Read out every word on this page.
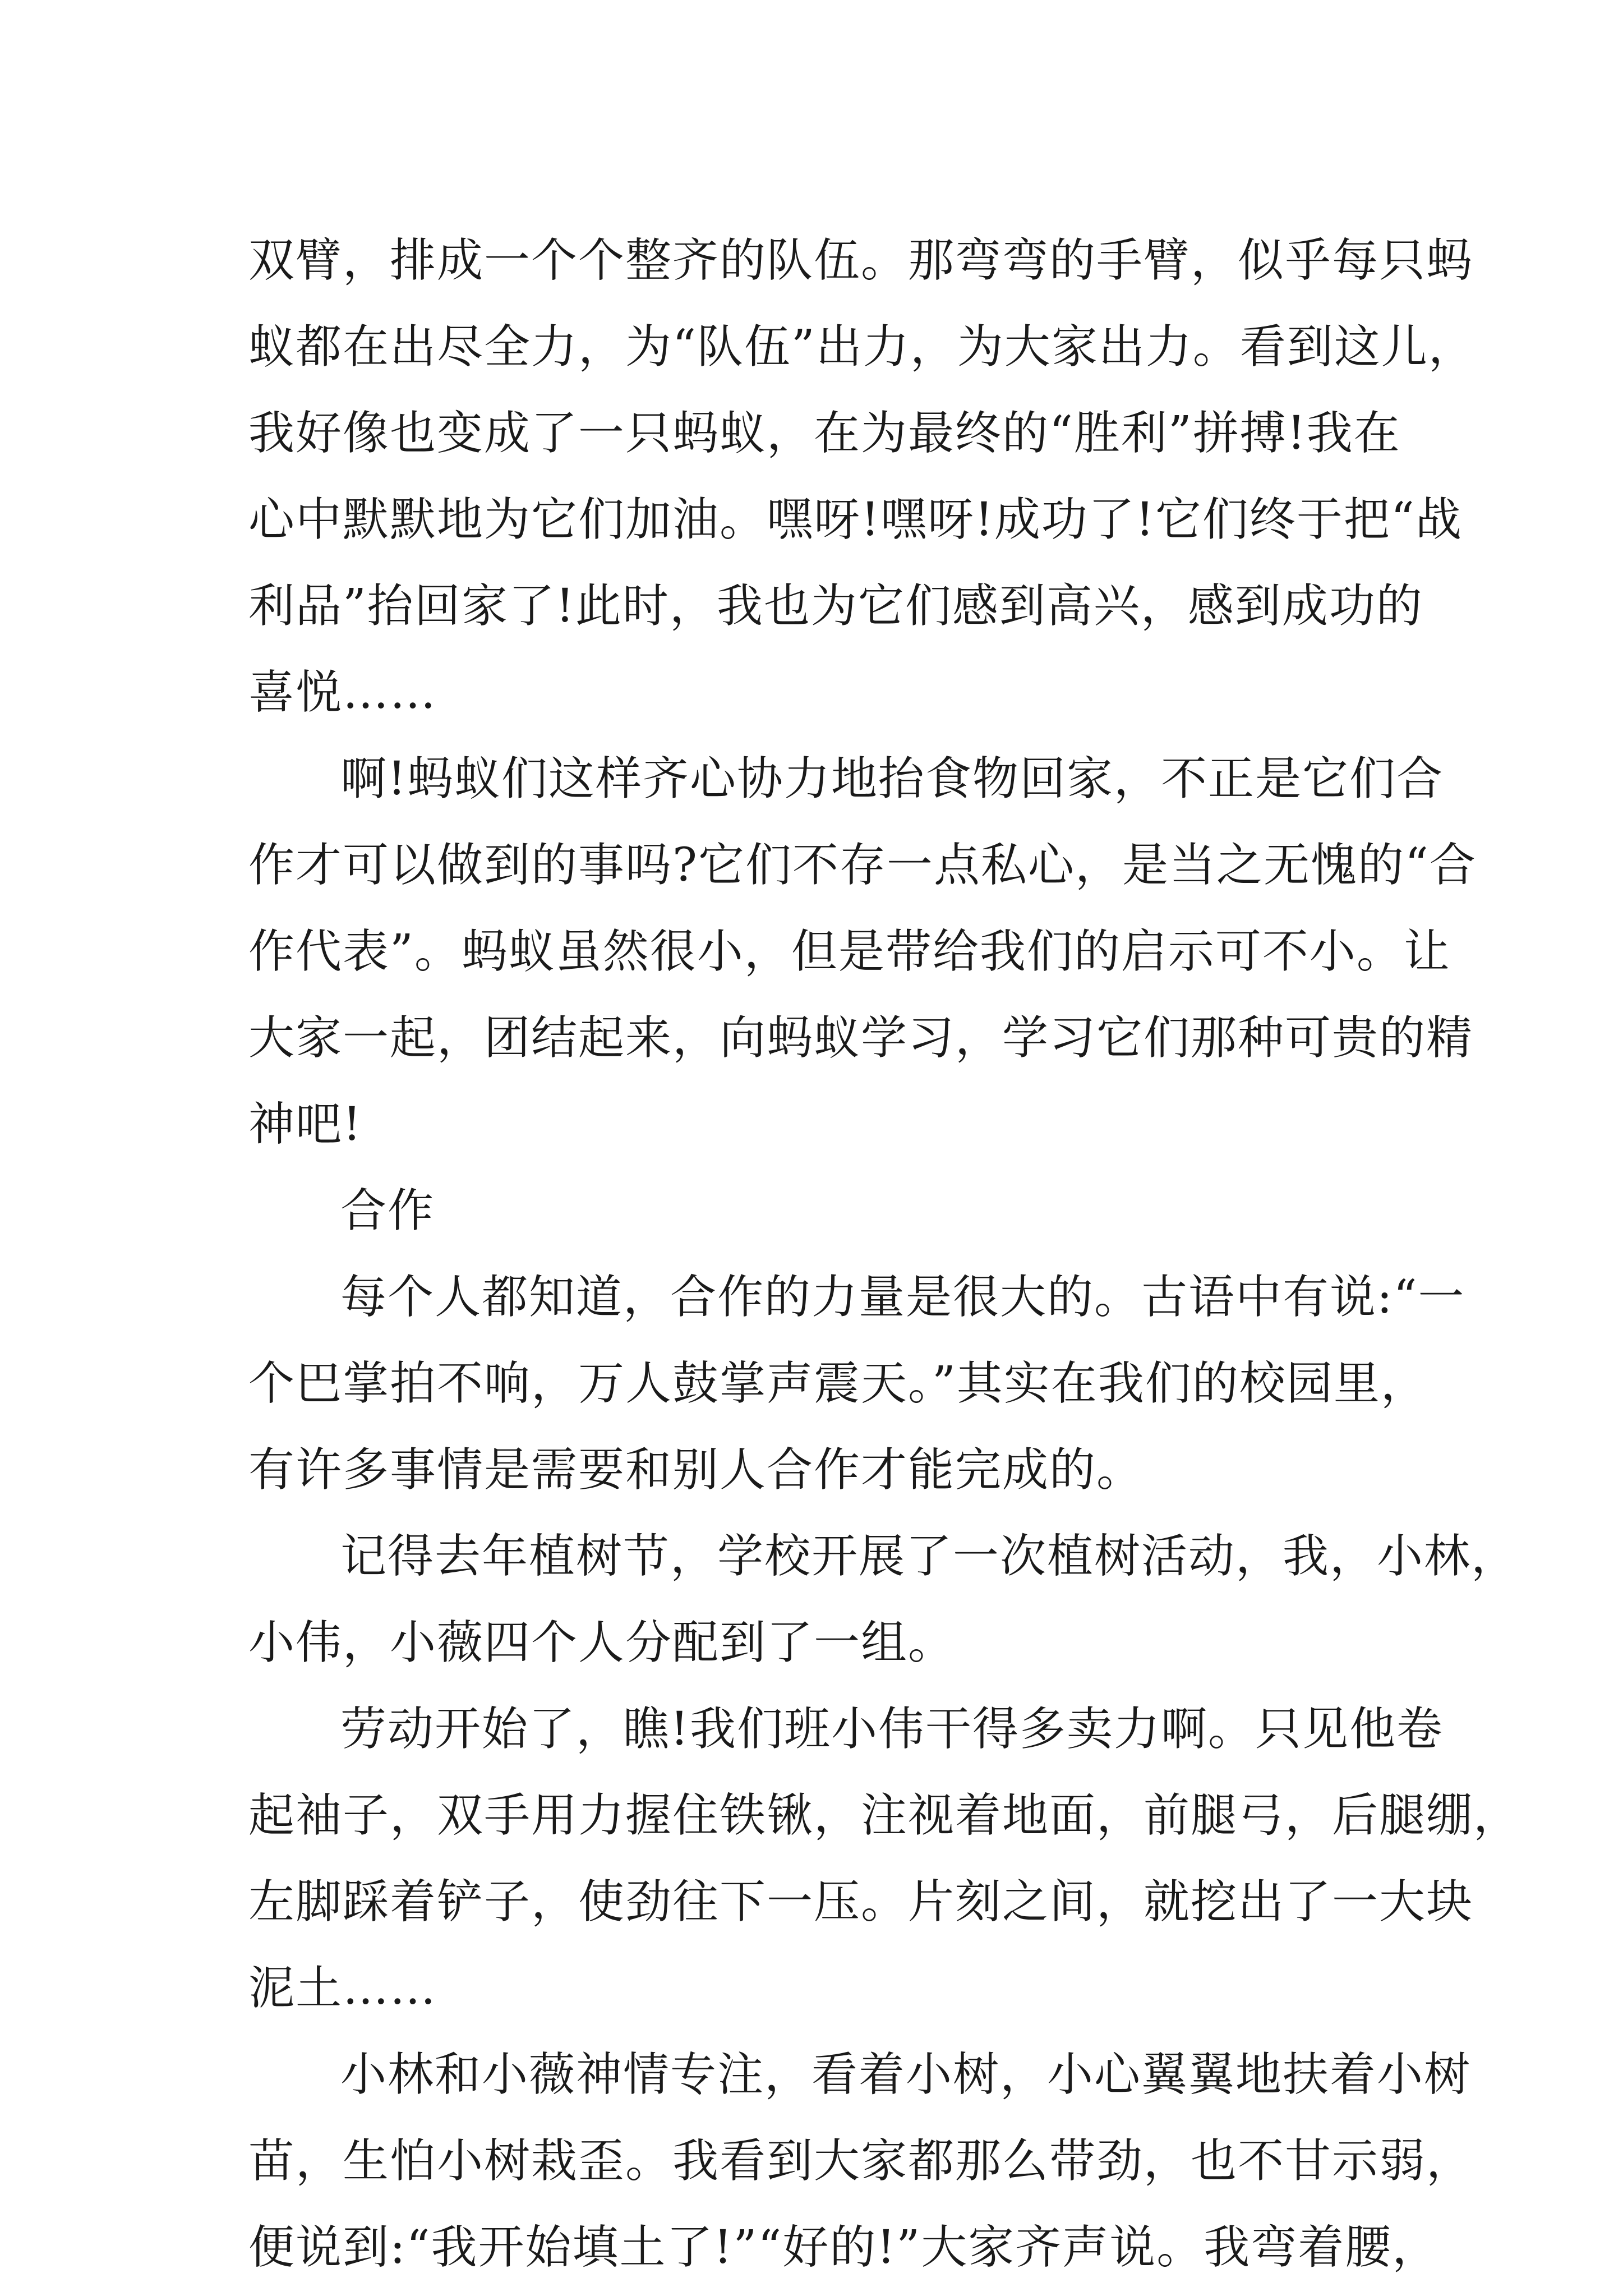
双臂，排成一个个整齐的队伍。那弯弯的手臂，似乎每只蚂
蚁都在出尽全力，为“队伍”出力，为大家出力。看到这儿，
我好像也变成了一只蚂蚁，在为最终的“胜利”拼搏!我在
心中默默地为它们加油。嘿呀!嘿呀!成功了!它们终于把“战
利品”抬回家了!此时，我也为它们感到高兴，感到成功的
喜悦……

啊!蚂蚁们这样齐心协力地抬食物回家，不正是它们合
作才可以做到的事吗?它们不存一点私心，是当之无愧的“合
作代表”。蚂蚁虽然很小，但是带给我们的启示可不小。让
大家一起，团结起来，向蚂蚁学习，学习它们那种可贵的精
神吧!

合作

每个人都知道，合作的力量是很大的。古语中有说:“一
个巴掌拍不响，万人鼓掌声震天。”其实在我们的校园里，
有许多事情是需要和别人合作才能完成的。

记得去年植树节，学校开展了一次植树活动，我，小林，
小伟，小薇四个人分配到了一组。

劳动开始了，瞧!我们班小伟干得多卖力啊。只见他卷
起袖子，双手用力握住铁锹，注视着地面，前腿弓，后腿绷，
左脚踩着铲子，使劲往下一压。片刻之间，就挖出了一大块
泥土……

小林和小薇神情专注，看着小树，小心翼翼地扶着小树
苗，生怕小树栽歪。我看到大家都那么带劲，也不甘示弱，
便说到:“我开始填土了!”“好的!”大家齐声说。我弯着腰，
